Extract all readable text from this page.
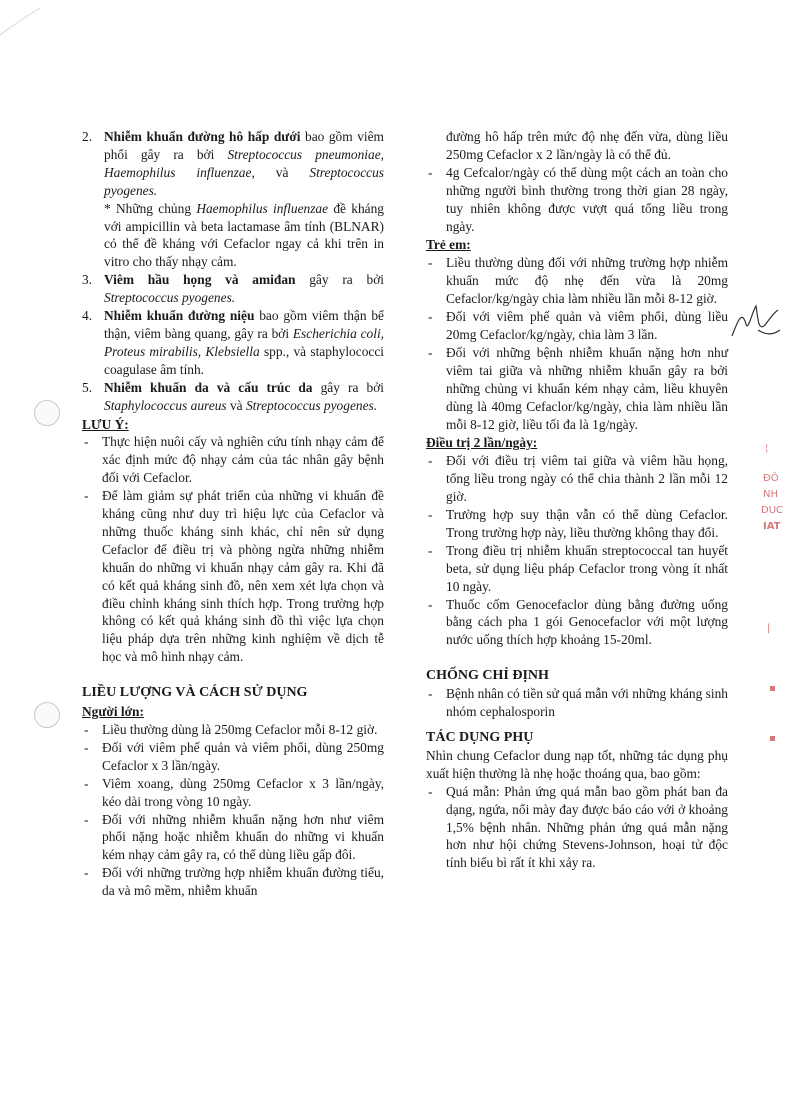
¦
ĐÔ
NH
DUC
IAT
|
▪
▪
2. Nhiễm khuẩn đường hô hấp dưới bao gồm viêm phổi gây ra bởi Streptococcus pneumoniae, Haemophilus influenzae, và Streptococcus pyogenes.
* Những chủng Haemophilus influenzae đề kháng với ampicillin và beta lactamase âm tính (BLNAR) có thể đề kháng với Cefaclor ngay cả khi trên in vitro cho thấy nhạy cảm.
3. Viêm hầu họng và amiđan gây ra bởi Streptococcus pyogenes.
4. Nhiễm khuẩn đường niệu bao gồm viêm thận bể thận, viêm bàng quang, gây ra bởi Escherichia coli, Proteus mirabilis, Klebsiella spp., và staphylococci coagulase âm tính.
5. Nhiễm khuẩn da và cấu trúc da gây ra bởi Staphylococcus aureus và Streptococcus pyogenes.
LƯU Ý:
- Thực hiện nuôi cấy và nghiên cứu tính nhạy cảm để xác định mức độ nhạy cảm của tác nhân gây bệnh đối với Cefaclor.
- Để làm giảm sự phát triển của những vi khuẩn đề kháng cũng như duy trì hiệu lực của Cefaclor và những thuốc kháng sinh khác, chỉ nên sử dụng Cefaclor để điều trị và phòng ngừa những nhiễm khuẩn do những vi khuẩn nhạy cảm gây ra. Khi đã có kết quả kháng sinh đồ, nên xem xét lựa chọn và điều chỉnh kháng sinh thích hợp. Trong trường hợp không có kết quả kháng sinh đồ thì việc lựa chọn liệu pháp dựa trên những kinh nghiệm về dịch tễ học và mô hình nhạy cảm.
LIỀU LƯỢNG VÀ CÁCH SỬ DỤNG
Người lớn:
- Liều thường dùng là 250mg Cefaclor mỗi 8-12 giờ.
- Đối với viêm phế quản và viêm phổi, dùng 250mg Cefaclor x 3 lần/ngày.
- Viêm xoang, dùng 250mg Cefaclor x 3 lần/ngày, kéo dài trong vòng 10 ngày.
- Đối với những nhiễm khuẩn nặng hơn như viêm phổi nặng hoặc nhiễm khuẩn do những vi khuẩn kém nhạy cảm gây ra, có thể dùng liều gấp đôi.
- Đối với những trường hợp nhiễm khuẩn đường tiểu, da và mô mềm, nhiễm khuẩn

đường hô hấp trên mức độ nhẹ đến vừa, dùng liều 250mg Cefaclor x 2 lần/ngày là có thể đủ.

- 4g Cefcalor/ngày có thể dùng một cách an toàn cho những người bình thường trong thời gian 28 ngày, tuy nhiên không được vượt quá tổng liều trong ngày.
Trẻ em:
- Liều thường dùng đối với những trường hợp nhiễm khuẩn mức độ nhẹ đến vừa là 20mg Cefaclor/kg/ngày chia làm nhiều lần mỗi 8-12 giờ.
- Đối với viêm phế quản và viêm phổi, dùng liều 20mg Cefaclor/kg/ngày, chia làm 3 lần.
- Đối với những bệnh nhiễm khuẩn nặng hơn như viêm tai giữa và những nhiễm khuẩn gây ra bởi những chủng vi khuẩn kém nhạy cảm, liều khuyên dùng là 40mg Cefaclor/kg/ngày, chia làm nhiều lần mỗi 8-12 giờ, liều tối đa là 1g/ngày.
Điều trị 2 lần/ngày:
- Đối với điều trị viêm tai giữa và viêm hầu họng, tổng liều trong ngày có thể chia thành 2 lần mỗi 12 giờ.
- Trường hợp suy thận vẫn có thể dùng Cefaclor. Trong trường hợp này, liều thường không thay đổi.
- Trong điều trị nhiễm khuẩn streptococcal tan huyết beta, sử dụng liệu pháp Cefaclor trong vòng ít nhất 10 ngày.
- Thuốc cốm Genocefaclor dùng bằng đường uống bằng cách pha 1 gói Genocefaclor với một lượng nước uống thích hợp khoảng 15-20ml.
CHỐNG CHỈ ĐỊNH
- Bệnh nhân có tiền sử quá mẫn với những kháng sinh nhóm cephalosporin
TÁC DỤNG PHỤ

Nhìn chung Cefaclor dung nạp tốt, những tác dụng phụ xuất hiện thường là nhẹ hoặc thoáng qua, bao gồm:

- Quá mẫn: Phản ứng quá mẫn bao gồm phát ban đa dạng, ngứa, nổi mày đay được báo cáo với ở khoảng 1,5% bệnh nhân. Những phản ứng quá mẫn nặng hơn như hội chứng Stevens-Johnson, hoại tử độc tính biểu bì rất ít khi xảy ra.
